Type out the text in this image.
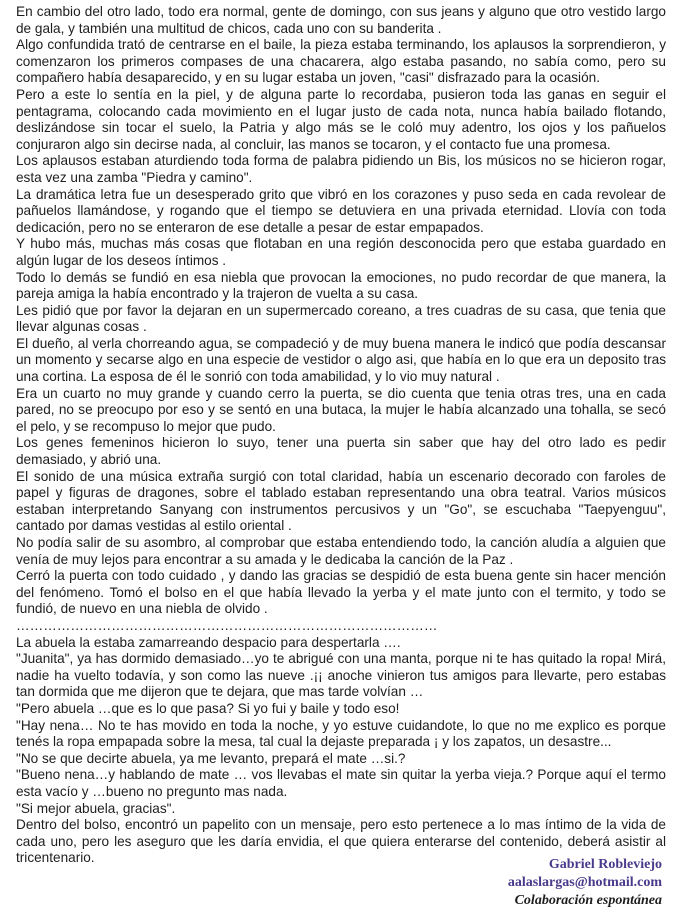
En cambio del otro lado, todo era normal, gente de domingo, con sus jeans y alguno que otro vestido largo de gala, y también una multitud de chicos, cada uno con su banderita .

Algo confundida trató de centrarse en el baile, la pieza estaba terminando, los aplausos la sorprendieron, y comenzaron los primeros compases de una chacarera, algo estaba pasando, no sabía como, pero su compañero había desaparecido, y en su lugar estaba un joven, "casi" disfrazado para la ocasión.

Pero a este lo sentía en la piel, y de alguna parte lo recordaba, pusieron toda las ganas en seguir el pentagrama, colocando cada movimiento en el lugar justo de cada nota, nunca había bailado flotando, deslizándose sin tocar el suelo, la Patria y algo más se le coló muy adentro, los ojos y los pañuelos conjuraron algo sin decirse nada, al concluir, las manos se tocaron, y el contacto fue una promesa.

Los aplausos estaban aturdiendo toda forma de palabra pidiendo un Bis, los músicos no se hicieron rogar, esta vez una zamba "Piedra y camino".

La dramática letra fue un desesperado grito que vibró en los corazones y puso seda en cada revolear de pañuelos llamándose, y rogando que el tiempo se detuviera en una privada eternidad. Llovía con toda dedicación, pero no se enteraron de ese detalle a pesar de estar empapados.

Y hubo más, muchas más cosas que flotaban en una región desconocida pero que estaba guardado en algún lugar de los deseos íntimos .

Todo lo demás se fundió en esa niebla que provocan la emociones, no pudo recordar de que manera, la pareja amiga la había encontrado y la trajeron de vuelta a su casa.

Les pidió que por favor la dejaran en un supermercado coreano, a tres cuadras de su casa, que tenia que llevar algunas cosas .

El dueño, al verla chorreando agua, se compadeció y de muy buena manera le indicó que podía descansar un momento y secarse algo en una especie de vestidor o algo asi, que había en lo que era un deposito tras una cortina. La esposa de él le sonrió con toda amabilidad, y lo vio muy natural .

Era un cuarto no muy grande y cuando cerro la puerta, se dio cuenta que tenia otras tres, una en cada pared, no se preocupo por eso y se sentó en una butaca, la mujer le había alcanzado una tohalla, se secó el pelo, y se recompuso lo mejor que pudo.

Los genes femeninos hicieron lo suyo, tener una puerta sin saber que hay del otro lado es pedir demasiado, y abrió una.

El sonido de una música extraña surgió con total claridad, había un escenario decorado con faroles de papel y figuras de dragones, sobre el tablado estaban representando una obra teatral. Varios músicos estaban interpretando Sanyang con instrumentos percusivos y un "Go", se escuchaba "Taepyenguu", cantado por damas vestidas al estilo oriental .

No podía salir de su asombro, al comprobar que estaba entendiendo todo, la canción aludía a alguien que venía de muy lejos para encontrar a su amada y le dedicaba la canción de la Paz .

Cerró la puerta con todo cuidado , y dando las gracias se despidió de esta buena gente sin hacer mención del fenómeno. Tomó el bolso en el que había llevado la yerba y el mate junto con el termito, y todo se fundió, de nuevo en una niebla de olvido .

…………………………………………………………………………………

La abuela la estaba zamarreando despacio para despertarla ….

"Juanita", ya has dormido demasiado…yo te abrigué con una manta, porque ni te has quitado la ropa! Mirá, nadie ha vuelto todavía, y son como las nueve .¡¡ anoche vinieron tus amigos para llevarte, pero estabas tan dormida que me dijeron que te dejara, que mas tarde volvían …

"Pero abuela …que es lo que pasa? Si yo fui y baile y todo eso!

"Hay nena… No te has movido en toda la noche, y yo estuve cuidandote, lo que no me explico es porque tenés la ropa empapada sobre la mesa, tal cual la dejaste preparada ¡ y los zapatos, un desastre...

"No se que decirte abuela, ya me levanto, prepará el mate …si.?

"Bueno nena…y hablando de mate … vos llevabas el mate sin quitar la yerba vieja.? Porque aquí el termo esta vacío y …bueno no pregunto mas nada.

"Si mejor abuela, gracias".

Dentro del bolso, encontró un papelito con un mensaje, pero esto pertenece a lo mas íntimo de la vida de cada uno, pero les aseguro que les daría envidia, el que quiera enterarse del contenido, deberá asistir al tricentenario.	Gabriel Robleviejo
aalaslargas@hotmail.com
Colaboración espontánea
